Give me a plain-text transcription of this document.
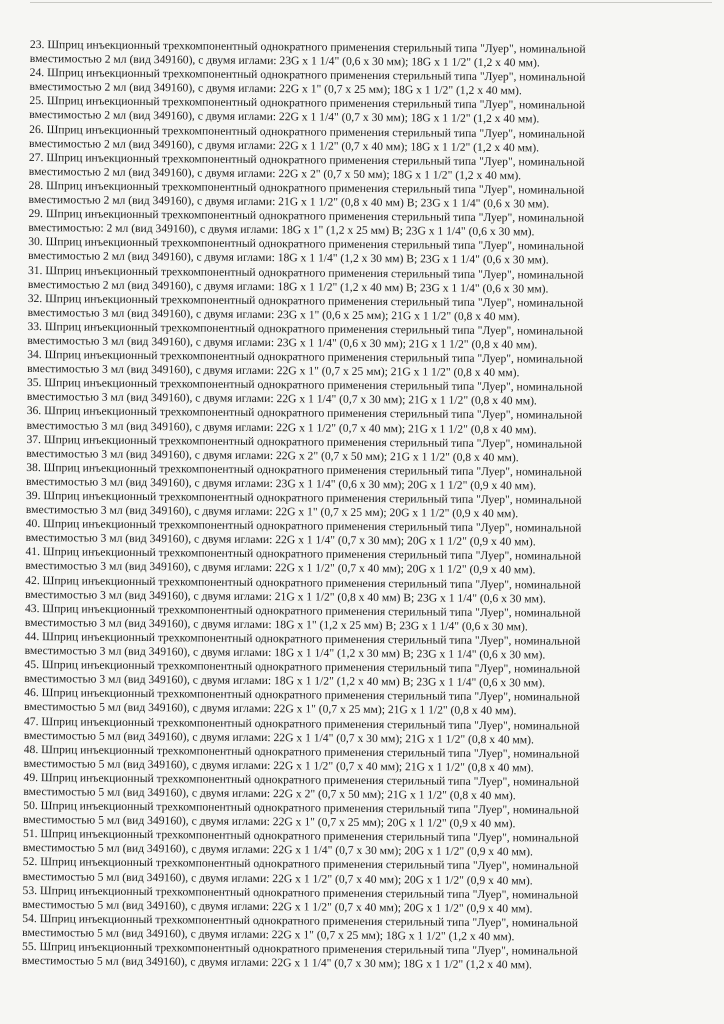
23. Шприц инъекционный трехкомпонентный однократного применения стерильный типа "Луер", номинальной
вместимостью 2 мл (вид 349160), с двумя иглами: 23G x 1 1/4" (0,6 x 30 мм); 18G x 1 1/2" (1,2 x 40 мм).
24. Шприц инъекционный трехкомпонентный однократного применения стерильный типа "Луер", номинальной
вместимостью 2 мл (вид 349160), с двумя иглами: 22G x 1" (0,7 x 25 мм); 18G x 1 1/2" (1,2 x 40 мм).
25. Шприц инъекционный трехкомпонентный однократного применения стерильный типа "Луер", номинальной
вместимостью 2 мл (вид 349160), с двумя иглами: 22G x 1 1/4" (0,7 x 30 мм); 18G x 1 1/2" (1,2 x 40 мм).
26. Шприц инъекционный трехкомпонентный однократного применения стерильный типа "Луер", номинальной
вместимостью 2 мл (вид 349160), с двумя иглами: 22G x 1 1/2" (0,7 x 40 мм); 18G x 1 1/2" (1,2 x 40 мм).
27. Шприц инъекционный трехкомпонентный однократного применения стерильный типа "Луер", номинальной
вместимостью 2 мл (вид 349160), с двумя иглами: 22G x 2" (0,7 x 50 мм); 18G x 1 1/2" (1,2 x 40 мм).
28. Шприц инъекционный трехкомпонентный однократного применения стерильный типа "Луер", номинальной
вместимостью 2 мл (вид 349160), с двумя иглами: 21G x 1 1/2" (0,8 x 40 мм) В; 23G x 1 1/4" (0,6 x 30 мм).
29. Шприц инъекционный трехкомпонентный однократного применения стерильный типа "Луер", номинальной
вместимостью: 2 мл (вид 349160), с двумя иглами: 18G x 1" (1,2 x 25 мм) В; 23G x 1 1/4" (0,6 x 30 мм).
30. Шприц инъекционный трехкомпонентный однократного применения стерильный типа "Луер", номинальной
вместимостью 2 мл (вид 349160), с двумя иглами: 18G x 1 1/4" (1,2 x 30 мм) В; 23G x 1 1/4" (0,6 x 30 мм).
31. Шприц инъекционный трехкомпонентный однократного применения стерильный типа "Луер", номинальной
вместимостью 2 мл (вид 349160), с двумя иглами: 18G x 1 1/2" (1,2 x 40 мм) В; 23G x 1 1/4" (0,6 x 30 мм).
32. Шприц инъекционный трехкомпонентный однократного применения стерильный типа "Луер", номинальной
вместимостью 3 мл (вид 349160), с двумя иглами: 23G x 1" (0,6 x 25 мм); 21G x 1 1/2" (0,8 x 40 мм).
33. Шприц инъекционный трехкомпонентный однократного применения стерильный типа "Луер", номинальной
вместимостью 3 мл (вид 349160), с двумя иглами: 23G x 1 1/4" (0,6 x 30 мм); 21G x 1 1/2" (0,8 x 40 мм).
34. Шприц инъекционный трехкомпонентный однократного применения стерильный типа "Луер", номинальной
вместимостью 3 мл (вид 349160), с двумя иглами: 22G x 1" (0,7 x 25 мм); 21G x 1 1/2" (0,8 x 40 мм).
35. Шприц инъекционный трехкомпонентный однократного применения стерильный типа "Луер", номинальной
вместимостью 3 мл (вид 349160), с двумя иглами: 22G x 1 1/4" (0,7 x 30 мм); 21G x 1 1/2" (0,8 x 40 мм).
36. Шприц инъекционный трехкомпонентный однократного применения стерильный типа "Луер", номинальной
вместимостью 3 мл (вид 349160), с двумя иглами: 22G x 1 1/2" (0,7 x 40 мм); 21G x 1 1/2" (0,8 x 40 мм).
37. Шприц инъекционный трехкомпонентный однократного применения стерильный типа "Луер", номинальной
вместимостью 3 мл (вид 349160), с двумя иглами: 22G x 2" (0,7 x 50 мм); 21G x 1 1/2" (0,8 x 40 мм).
38. Шприц инъекционный трехкомпонентный однократного применения стерильный типа "Луер", номинальной
вместимостью 3 мл (вид 349160), с двумя иглами: 23G x 1 1/4" (0,6 x 30 мм); 20G x 1 1/2" (0,9 x 40 мм).
39. Шприц инъекционный трехкомпонентный однократного применения стерильный типа "Луер", номинальной
вместимостью 3 мл (вид 349160), с двумя иглами: 22G x 1" (0,7 x 25 мм); 20G x 1 1/2" (0,9 x 40 мм).
40. Шприц инъекционный трехкомпонентный однократного применения стерильный типа "Луер", номинальной
вместимостью 3 мл (вид 349160), с двумя иглами: 22G x 1 1/4" (0,7 x 30 мм); 20G x 1 1/2" (0,9 x 40 мм).
41. Шприц инъекционный трехкомпонентный однократного применения стерильный типа "Луер", номинальной
вместимостью 3 мл (вид 349160), с двумя иглами: 22G x 1 1/2" (0,7 x 40 мм); 20G x 1 1/2" (0,9 x 40 мм).
42. Шприц инъекционный трехкомпонентный однократного применения стерильный типа "Луер", номинальной
вместимостью 3 мл (вид 349160), с двумя иглами: 21G x 1 1/2" (0,8 x 40 мм) В; 23G x 1 1/4" (0,6 x 30 мм).
43. Шприц инъекционный трехкомпонентный однократного применения стерильный типа "Луер", номинальной
вместимостью 3 мл (вид 349160), с двумя иглами: 18G x 1" (1,2 x 25 мм) В; 23G x 1 1/4" (0,6 x 30 мм).
44. Шприц инъекционный трехкомпонентный однократного применения стерильный типа "Луер", номинальной
вместимостью 3 мл (вид 349160), с двумя иглами: 18G x 1 1/4" (1,2 x 30 мм) В; 23G x 1 1/4" (0,6 x 30 мм).
45. Шприц инъекционный трехкомпонентный однократного применения стерильный типа "Луер", номинальной
вместимостью 3 мл (вид 349160), с двумя иглами: 18G x 1 1/2" (1,2 x 40 мм) В; 23G x 1 1/4" (0,6 x 30 мм).
46. Шприц инъекционный трехкомпонентный однократного применения стерильный типа "Луер", номинальной
вместимостью 5 мл (вид 349160), с двумя иглами: 22G x 1" (0,7 x 25 мм); 21G x 1 1/2" (0,8 x 40 мм).
47. Шприц инъекционный трехкомпонентный однократного применения стерильный типа "Луер", номинальной
вместимостью 5 мл (вид 349160), с двумя иглами: 22G x 1 1/4" (0,7 x 30 мм); 21G x 1 1/2" (0,8 x 40 мм).
48. Шприц инъекционный трехкомпонентный однократного применения стерильный типа "Луер", номинальной
вместимостью 5 мл (вид 349160), с двумя иглами: 22G x 1 1/2" (0,7 x 40 мм); 21G x 1 1/2" (0,8 x 40 мм).
49. Шприц инъекционный трехкомпонентный однократного применения стерильный типа "Луер", номинальной
вместимостью 5 мл (вид 349160), с двумя иглами: 22G x 2" (0,7 x 50 мм); 21G x 1 1/2" (0,8 x 40 мм).
50. Шприц инъекционный трехкомпонентный однократного применения стерильный типа "Луер", номинальной
вместимостью 5 мл (вид 349160), с двумя иглами: 22G x 1" (0,7 x 25 мм); 20G x 1 1/2" (0,9 x 40 мм).
51. Шприц инъекционный трехкомпонентный однократного применения стерильный типа "Луер", номинальной
вместимостью 5 мл (вид 349160), с двумя иглами: 22G x 1 1/4" (0,7 x 30 мм); 20G x 1 1/2" (0,9 x 40 мм).
52. Шприц инъекционный трехкомпонентный однократного применения стерильный типа "Луер", номинальной
вместимостью 5 мл (вид 349160), с двумя иглами: 22G x 1 1/2" (0,7 x 40 мм); 20G x 1 1/2" (0,9 x 40 мм).
53. Шприц инъекционный трехкомпонентный однократного применения стерильный типа "Луер", номинальной
вместимостью 5 мл (вид 349160), с двумя иглами: 22G x 1 1/2" (0,7 x 40 мм); 20G x 1 1/2" (0,9 x 40 мм).
54. Шприц инъекционный трехкомпонентный однократного применения стерильный типа "Луер", номинальной
вместимостью 5 мл (вид 349160), с двумя иглами: 22G x 1" (0,7 x 25 мм); 18G x 1 1/2" (1,2 x 40 мм).
55. Шприц инъекционный трехкомпонентный однократного применения стерильный типа "Луер", номинальной
вместимостью 5 мл (вид 349160), с двумя иглами: 22G x 1 1/4" (0,7 x 30 мм); 18G x 1 1/2" (1,2 x 40 мм).
